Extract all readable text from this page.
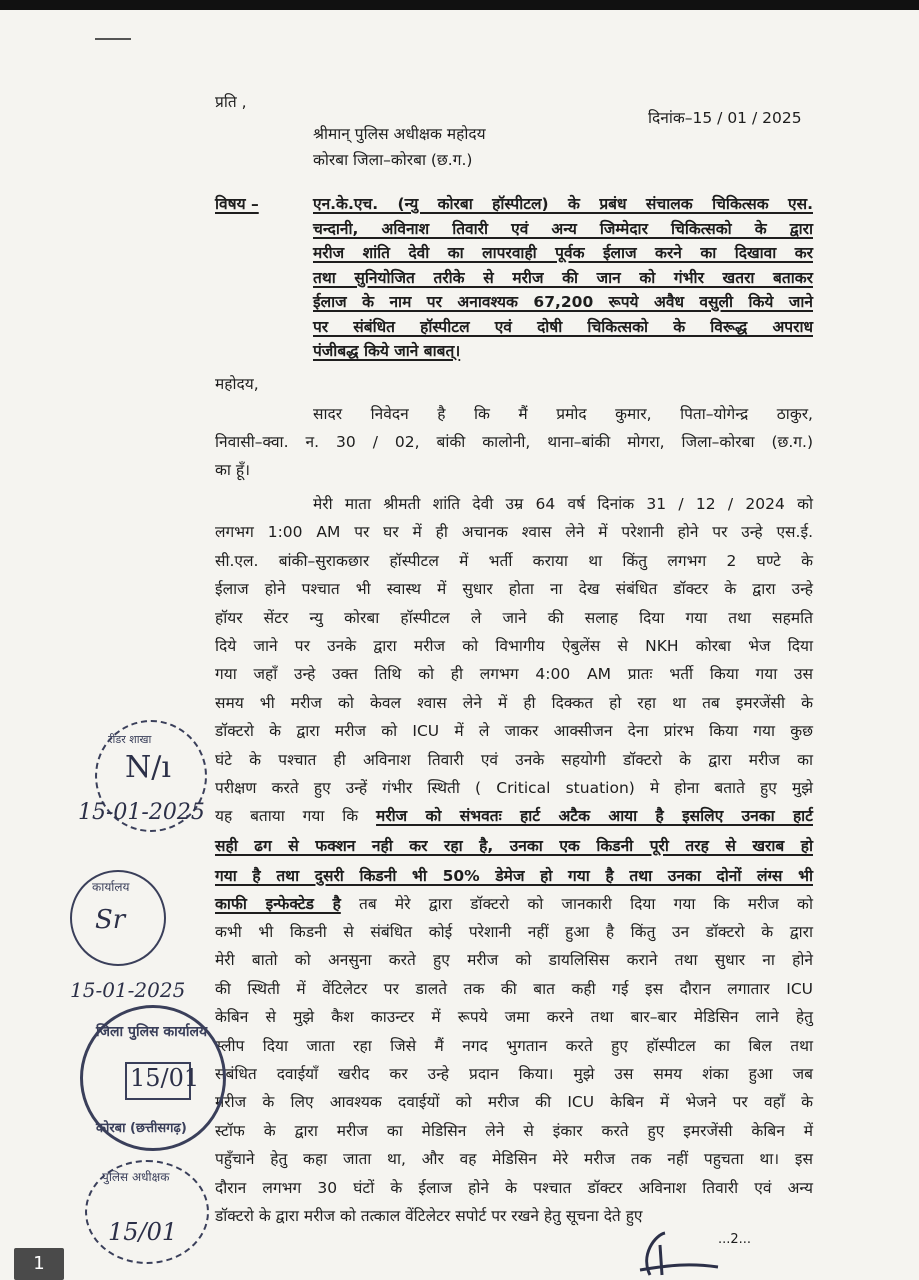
प्रति ,
दिनांक–15 / 01 / 2025
श्रीमान् पुलिस अधीक्षक महोदय
कोरबा जिला–कोरबा (छ.ग.)
विषय –	एन.के.एच. (न्यु कोरबा हॉस्पीटल) के प्रबंध संचालक चिकित्सक एस.
चन्दानी, अविनाश तिवारी एवं अन्य जिम्मेदार चिकित्सको के द्वारा
मरीज शांति देवी का लापरवाही पूर्वक ईलाज करने का दिखावा कर
तथा सुनियोजित तरीके से मरीज की जान को गंभीर खतरा बताकर
ईलाज के नाम पर अनावश्यक 67,200 रूपये अवैध वसुली किये जाने
पर संबंधित हॉस्पीटल एवं दोषी चिकित्सको के विरूद्ध अपराध
पंजीबद्ध किये जाने बाबत्।
महोदय,
सादर निवेदन है कि मैं प्रमोद कुमार, पिता–योगेन्द्र ठाकुर,
निवासी–क्वा. न. 30 / 02, बांकी कालोनी, थाना–बांकी मोगरा, जिला–कोरबा (छ.ग.)
का हूँ।
मेरी माता श्रीमती शांति देवी उम्र 64 वर्ष दिनांक 31 / 12 / 2024 को
लगभग 1:00 AM पर घर में ही अचानक श्वास लेने में परेशानी होने पर उन्हे एस.ई.
सी.एल. बांकी–सुराकछार हॉस्पीटल में भर्ती कराया था किंतु लगभग 2 घण्टे के
ईलाज होने पश्चात भी स्वास्थ में सुधार होता ना देख संबंधित डॉक्टर के द्वारा उन्हे
हॉयर सेंटर न्यु कोरबा हॉस्पीटल ले जाने की सलाह दिया गया तथा सहमति
दिये जाने पर उनके द्वारा मरीज को विभागीय ऐबुलेंस से NKH कोरबा भेज दिया
गया जहाँ उन्हे उक्त तिथि को ही लगभग 4:00 AM प्रातः भर्ती किया गया उस
समय भी मरीज को केवल श्वास लेने में ही दिक्कत हो रहा था तब इमरजेंसी के
डॉक्टरो के द्वारा मरीज को ICU में ले जाकर आक्सीजन देना प्रांरभ किया गया कुछ
घंटे के पश्चात ही अविनाश तिवारी एवं उनके सहयोगी डॉक्टरो के द्वारा मरीज का
परीक्षण करते हुए उन्हें गंभीर स्थिती ( Critical stuation) मे होना बताते हुए मुझे
यह बताया गया कि मरीज को संभवतः हार्ट अटैक आया है इसलिए उनका हार्ट
सही ढग से फक्शन नही कर रहा है, उनका एक किडनी पूरी तरह से खराब हो
गया है तथा दुसरी किडनी भी 50% डेमेज हो गया है तथा उनका दोनों लंग्स भी
काफी इन्फेक्टेड है तब मेरे द्वारा डॉक्टरो को जानकारी दिया गया कि मरीज को
कभी भी किडनी से संबंधित कोई परेशानी नहीं हुआ है किंतु उन डॉक्टरो के द्वारा
मेरी बातो को अनसुना करते हुए मरीज को डायलिसिस कराने तथा सुधार ना होने
की स्थिती में वेंटिलेटर पर डालते तक की बात कही गई इस दौरान लगातार ICU
केबिन से मुझे कैश काउन्टर में रूपये जमा करने तथा बार–बार मेडिसिन लाने हेतु
स्लीप दिया जाता रहा जिसे मैं नगद भुगतान करते हुए हॉस्पीटल का बिल तथा
संबंधित दवाईयाँ खरीद कर उन्हे प्रदान किया। मुझे उस समय शंका हुआ जब
मरीज के लिए आवश्यक दवाईयों को मरीज की ICU केबिन में भेजने पर वहाँ के
स्टॉफ के द्वारा मरीज का मेडिसिन लेने से इंकार करते हुए इमरजेंसी केबिन में
पहुँचाने हेतु कहा जाता था, और वह मेडिसिन मेरे मरीज तक नहीं पहुचता था। इस
दौरान लगभग 30 घंटों के ईलाज होने के पश्चात डॉक्टर अविनाश तिवारी एवं अन्य
डॉक्टरो के द्वारा मरीज को तत्काल वेंटिलेटर सपोर्ट पर रखने हेतु सूचना देते हुए
रीडर शाखा
N/ı
15-01-2025
कार्यालय
Sr
15-01-2025
जिला पुलिस कार्यालय
कोरबा (छत्तीसगढ़)
15/01
पुलिस अधीक्षक
15/01	...2...
1
